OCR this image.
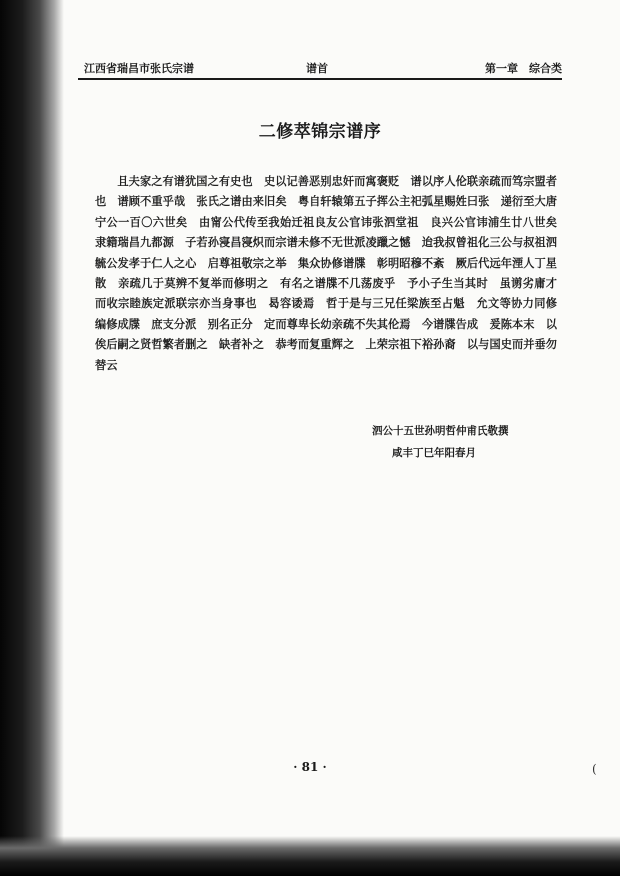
江西省瑞昌市张氏宗谱	谱首	第一章　综合类
二修萃锦宗谱序
且夫家之有谱犹国之有史也　史以记善恶别忠奸而寓褒贬　谱以序人伦联亲疏而笃宗盟者也　谱顾不重乎哉　张氏之谱由来旧矣　粤自轩辕第五子挥公主祀弧星赐姓曰张　递衍至大唐宁公一百〇六世矣　由甯公代传至我始迁祖良友公官讳张泗堂祖　良兴公官讳浦生廿八世矣　隶籍瑞昌九都源　子若孙寖昌寖炽而宗谱未修不无世派凌躐之憾　迨我叔曾祖化三公与叔祖泗毓公发孝于仁人之心　启尊祖敬宗之举　集众协修谱牒　彰明昭穆不紊　厥后代远年湮人丁星散　亲疏几于莫辨不复举而修明之　有名之谱牒不几荡废乎　予小子生当其时　虽谫劣庸才　而收宗睦族定派联宗亦当身事也　曷容诿焉　哲于是与三兄任梁族至占魁　允文等协力同修　编修成牒　庶支分派　别名正分　定而尊卑长幼亲疏不失其伦焉　今谱牒告成　爰陈本末　以俟后嗣之贤哲繁者删之　缺者补之　恭考而复重辉之　上荣宗祖下裕孙裔　以与国史而并垂勿替云
泗公十五世孙明哲仲甫氏敬撰
咸丰丁巳年阳春月
· 81 ·	(
